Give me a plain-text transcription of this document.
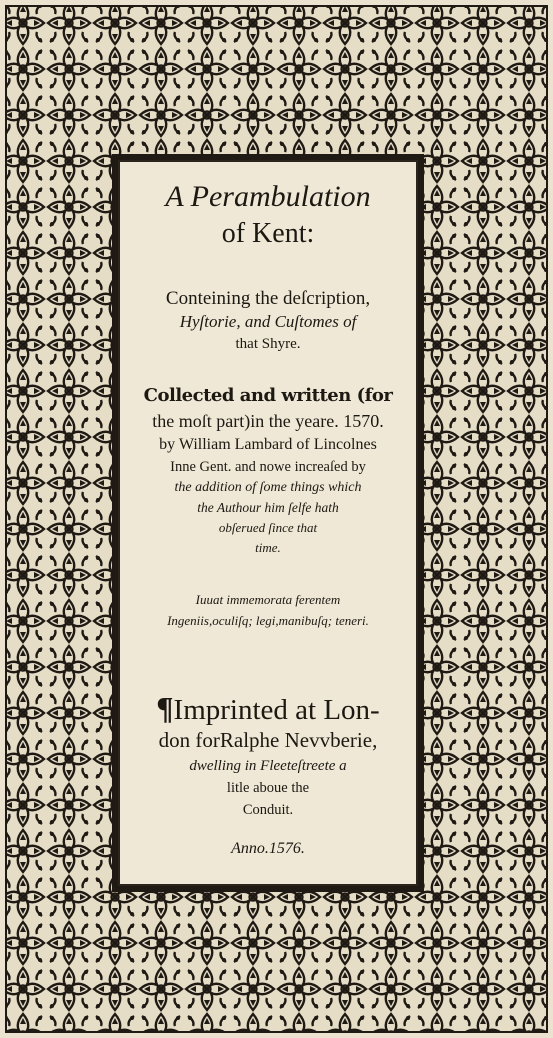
A Perambulation
of Kent:
Conteining the deſcription,
Hyſtorie, and Cuſtomes of
that Shyre.
Collected and written (for
the moſt part)in the yeare. 1570.
by William Lambard of Lincolnes
Inne Gent. and nowe increaſed by
the addition of ſome things which
the Authour him ſelfe hath
obſerued ſince that
time.
Iuuat immemorata ferentem
Ingeniis,oculiſq; legi,manibuſq; teneri.
¶Imprinted at Lon-
don forRalphe Nevvberie,
dwelling in Fleeteſtreete a
litle aboue the
Conduit.
Anno.1576.
